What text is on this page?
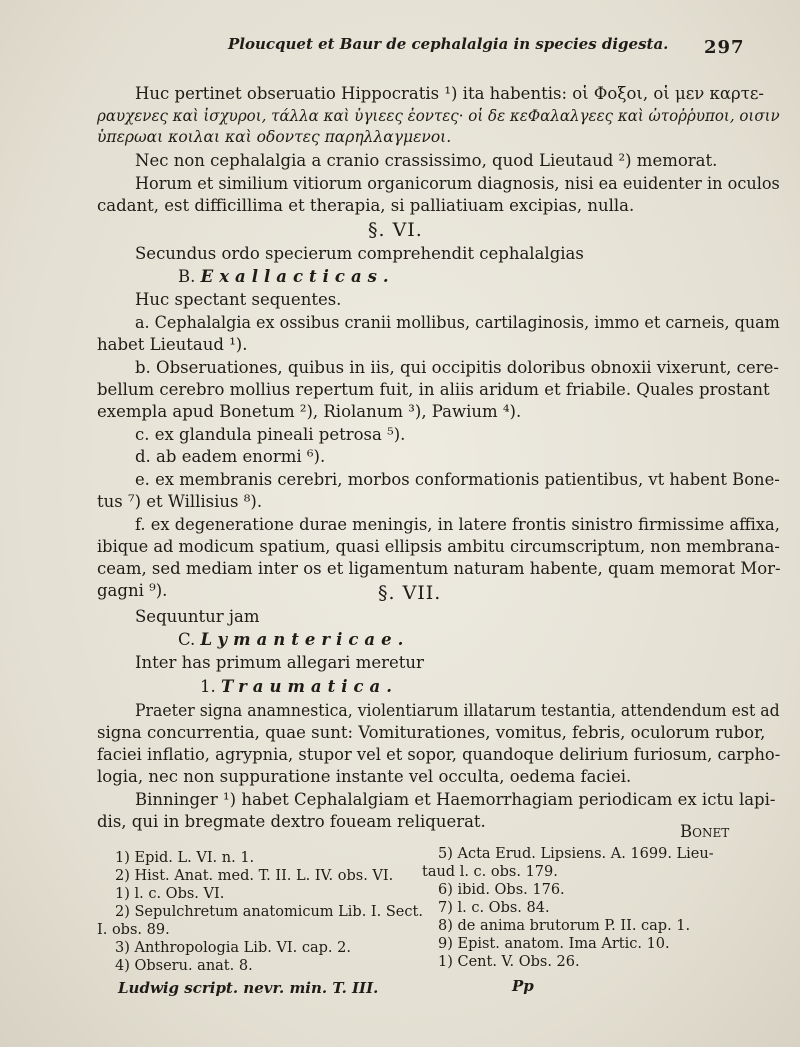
Ploucquet et Baur de cephalalgia in species digesta. 297
Huc pertinet obseruatio Hippocratis ¹) ita habentis: οἱ Φοξοι, οἱ μεν καρτε-
ραυχενες καὶ ἰσχυροι, τάλλα καὶ ὑγιεες ἐοντες· οἱ δε κεΦαλαλγεες καὶ ὠτοῤῥυποι, οισιν
ὑπερωαι κοιλαι καὶ οδοντες παρηλλαγμενοι.
Nec non cephalalgia a cranio crassissimo, quod Lieutaud ²) memorat.
Horum et similium vitiorum organicorum diagnosis, nisi ea euidenter in oculos
cadant, est difficillima et therapia, si palliatiuam excipias, nulla.
§. VI.
Secundus ordo specierum comprehendit cephalalgias
B. Exallacticas.
Huc spectant sequentes.
a. Cephalalgia ex ossibus cranii mollibus, cartilaginosis, immo et carneis, quam
habet Lieutaud ¹).
b. Obseruationes, quibus in iis, qui occipitis doloribus obnoxii vixerunt, cere-
bellum cerebro mollius repertum fuit, in aliis aridum et friabile. Quales prostant
exempla apud Bonetum ²), Riolanum ³), Pawium ⁴).
c. ex glandula pineali petrosa ⁵).
d. ab eadem enormi ⁶).
e. ex membranis cerebri, morbos conformationis patientibus, vt habent Bone-
tus ⁷) et Willisius ⁸).
f. ex degeneratione durae meningis, in latere frontis sinistro firmissime affixa,
ibique ad modicum spatium, quasi ellipsis ambitu circumscriptum, non membrana-
ceam, sed mediam inter os et ligamentum naturam habente, quam memorat Mor-
gagni ⁹).	§. VII.
Sequuntur jam
C. Lymantericae.
Inter has primum allegari meretur
1. Traumatica.
Praeter signa anamnestica, violentiarum illatarum testantia, attendendum est ad
signa concurrentia, quae sunt: Vomiturationes, vomitus, febris, oculorum rubor,
faciei inflatio, agrypnia, stupor vel et sopor, quandoque delirium furiosum, carpho-
logia, nec non suppuratione instante vel occulta, oedema faciei.
Binninger ¹) habet Cephalalgiam et Haemorrhagiam periodicam ex ictu lapi-
dis, qui in bregmate dextro foueam reliquerat.
Bonet
1) Epid. L. VI. n. 1.
2) Hist. Anat. med. T. II. L. IV. obs. VI.
1) l. c. Obs. VI.
2) Sepulchretum anatomicum Lib. I. Sect.
I. obs. 89.
3) Anthropologia Lib. VI. cap. 2.
4) Obseru. anat. 8.
5) Acta Erud. Lipsiens. A. 1699. Lieu-
taud l. c. obs. 179.
6) ibid. Obs. 176.
7) l. c. Obs. 84.
8) de anima brutorum P. II. cap. 1.
9) Epist. anatom. Ima Artic. 10.
1) Cent. V. Obs. 26.
Ludwig script. nevr. min. T. III.	Pp
